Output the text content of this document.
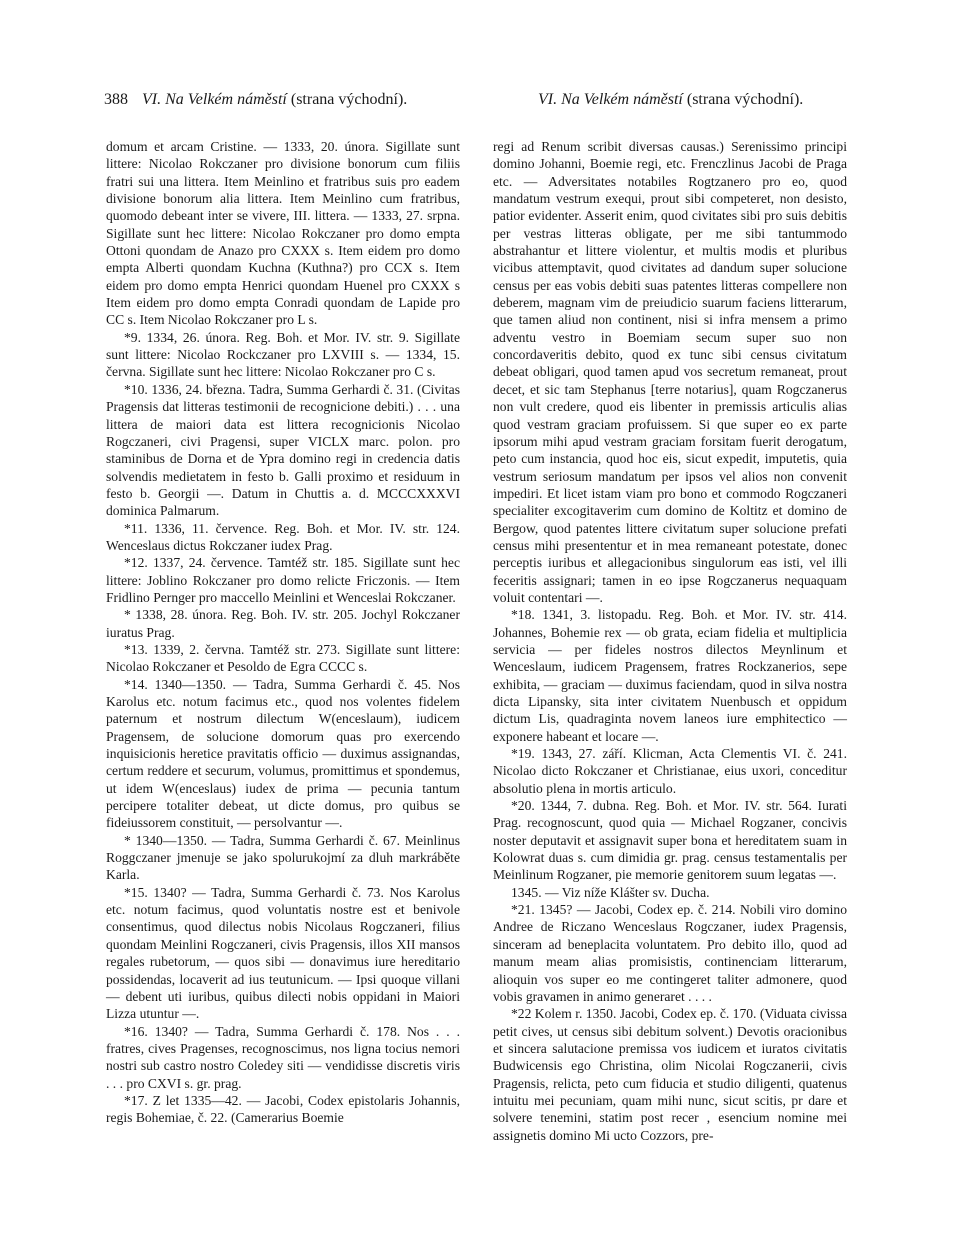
388 VI. Na Velkém náměstí (strana východní).	VI. Na Velkém náměstí (strana východní).

domum et arcam Cristine. — 1333, 20. února. Sigillate sunt littere: Nicolao Rokczaner pro divisione bonorum cum filiis fratri sui una littera. Item Meinlino et fratribus suis pro eadem divisione bonorum alia littera. Item Meinlino cum fratribus, quomodo debeant inter se vivere, III. littera. — 1333, 27. srpna. Sigillate sunt hec littere: Nicolao Rokczaner pro domo empta Ottoni quondam de Anazo pro CXXX s. Item eidem pro domo empta Alberti quondam Kuchna (Kuthna?) pro CCX s. Item eidem pro domo empta Henrici quondam Huenel pro CXXX s Item eidem pro domo empta Conradi quondam de Lapide pro CC s. Item Nicolao Rokczaner pro L s.

*9. 1334, 26. února. Reg. Boh. et Mor. IV. str. 9. Sigillate sunt littere: Nicolao Rockczaner pro LXVIII s. — 1334, 15. června. Sigillate sunt hec littere: Nicolao Rokczaner pro C s.

*10. 1336, 24. března. Tadra, Summa Gerhardi č. 31. (Civitas Pragensis dat litteras testimonii de recognicione debiti.) . . . una littera de maiori data est littera recognicionis Nicolao Rogczaneri, civi Pragensi, super VICLX marc. polon. pro staminibus de Dorna et de Ypra domino regi in credencia datis solvendis medietatem in festo b. Galli proximo et residuum in festo b. Georgii —. Datum in Chuttis a. d. MCCCXXXVI dominica Palmarum.

*11. 1336, 11. července. Reg. Boh. et Mor. IV. str. 124. Wenceslaus dictus Rokczaner iudex Prag.

*12. 1337, 24. července. Tamtéž str. 185. Sigillate sunt hec littere: Joblino Rokczaner pro domo relicte Friczonis. — Item Fridlino Pernger pro maccello Meinlini et Wenceslai Rokczaner.

* 1338, 28. února. Reg. Boh. IV. str. 205. Jochyl Rokczaner iuratus Prag.

*13. 1339, 2. června. Tamtéž str. 273. Sigillate sunt littere: Nicolao Rokczaner et Pesoldo de Egra CCCC s.

*14. 1340—1350. — Tadra, Summa Gerhardi č. 45. Nos Karolus etc. notum facimus etc., quod nos volentes fidelem paternum et nostrum dilectum W(enceslaum), iudicem Pragensem, de solucione domorum quas pro exercendo inquisicionis heretice pravitatis officio — duximus assignandas, certum reddere et securum, volumus, promittimus et spondemus, ut idem W(enceslaus) iudex de prima — pecunia tantum percipere totaliter debeat, ut dicte domus, pro quibus se fideiussorem constituit, — persolvantur —.

* 1340—1350. — Tadra, Summa Gerhardi č. 67. Meinlinus Roggczaner jmenuje se jako spolurukojmí za dluh markráběte Karla.

*15. 1340? — Tadra, Summa Gerhardi č. 73. Nos Karolus etc. notum facimus, quod voluntatis nostre est et benivole consentimus, quod dilectus nobis Nicolaus Rogczaneri, filius quondam Meinlini Rogczaneri, civis Pragensis, illos XII mansos regales rubetorum, — quos sibi — donavimus iure hereditario possidendas, locaverit ad ius teutunicum. — Ipsi quoque villani — debent uti iuribus, quibus dilecti nobis oppidani in Maiori Lizza utuntur —.

*16. 1340? — Tadra, Summa Gerhardi č. 178. Nos . . . fratres, cives Pragenses, recognoscimus, nos ligna tocius nemori nostri sub castro nostro Coledey siti — vendidisse discretis viris . . . pro CXVI s. gr. prag.

*17. Z let 1335—42. — Jacobi, Codex epistolaris Johannis, regis Bohemiae, č. 22. (Camerarius Boemie

regi ad Renum scribit diversas causas.) Serenissimo principi domino Johanni, Boemie regi, etc. Frenczlinus Jacobi de Praga etc. — Adversitates notabiles Rogtzanero pro eo, quod mandatum vestrum exequi, prout sibi competeret, non desisto, patior evidenter. Asserit enim, quod civitates sibi pro suis debitis per vestras litteras obligate, per me sibi tantummodo abstrahantur et littere violentur, et multis modis et pluribus vicibus attemptavit, quod civitates ad dandum super solucione census per eas vobis debiti suas patentes litteras compellere non deberem, magnam vim de preiudicio suarum faciens litterarum, que tamen aliud non continent, nisi si infra mensem a primo adventu vestro in Boemiam secum super suo non concordaveritis debito, quod ex tunc sibi census civitatum debeat obligari, quod tamen apud vos secretum remaneat, prout decet, et sic tam Stephanus [terre notarius], quam Rogczanerus non vult credere, quod eis libenter in premissis articulis alias quod vestram graciam profuissem. Si que super eo ex parte ipsorum mihi apud vestram graciam forsitam fuerit derogatum, peto cum instancia, quod hoc eis, sicut expedit, imputetis, quia vestrum seriosum mandatum per ipsos vel alios non convenit impediri. Et licet istam viam pro bono et commodo Rogczaneri specialiter excogitaverim cum domino de Koltitz et domino de Bergow, quod patentes littere civitatum super solucione prefati census mihi presententur et in mea remaneant potestate, donec perceptis iuribus et allegacionibus singulorum eas isti, vel illi feceritis assignari; tamen in eo ipse Rogczanerus nequaquam voluit contentari —.

*18. 1341, 3. listopadu. Reg. Boh. et Mor. IV. str. 414. Johannes, Bohemie rex — ob grata, eciam fidelia et multiplicia servicia — per fideles nostros dilectos Meynlinum et Wenceslaum, iudicem Pragensem, fratres Rockzanerios, sepe exhibita, — graciam — duximus faciendam, quod in silva nostra dicta Lipansky, sita inter civitatem Nuenbusch et oppidum dictum Lis, quadraginta novem laneos iure emphitectico — exponere habeant et locare —.

*19. 1343, 27. září. Klicman, Acta Clementis VI. č. 241. Nicolao dicto Rokczaner et Christianae, eius uxori, conceditur absolutio plena in mortis articulo.

*20. 1344, 7. dubna. Reg. Boh. et Mor. IV. str. 564. Iurati Prag. recognoscunt, quod quia — Michael Rogzaner, concivis noster deputavit et assignavit super bona et hereditatem suam in Kolowrat duas s. cum dimidia gr. prag. census testamentalis per Meinlinum Rogzaner, pie memorie genitorem suum legatas —.

1345. — Viz níže Klášter sv. Ducha.

*21. 1345? — Jacobi, Codex ep. č. 214. Nobili viro domino Andree de Riczano Wenceslaus Rogczaner, iudex Pragensis, sinceram ad beneplacita voluntatem. Pro debito illo, quod ad manum meam alias promisistis, continenciam litterarum, alioquin vos super eo me contingeret taliter admonere, quod vobis gravamen in animo generaret . . . .

*22 Kolem r. 1350. Jacobi, Codex ep. č. 170. (Viduata civissa petit cives, ut census sibi debitum solvent.) Devotis oracionibus et sincera salutacione premissa vos iudicem et iuratos civitatis Budwicensis ego Christina, olim Nicolai Rogczanerii, civis Pragensis, relicta, peto cum fiducia et studio diligenti, quatenus intuitu mei pecuniam, quam mihi nunc, sicut scitis, pr dare et solvere tenemini, statim post recer , esencium nomine mei assignetis domino Mi ucto Cozzors, pre-
